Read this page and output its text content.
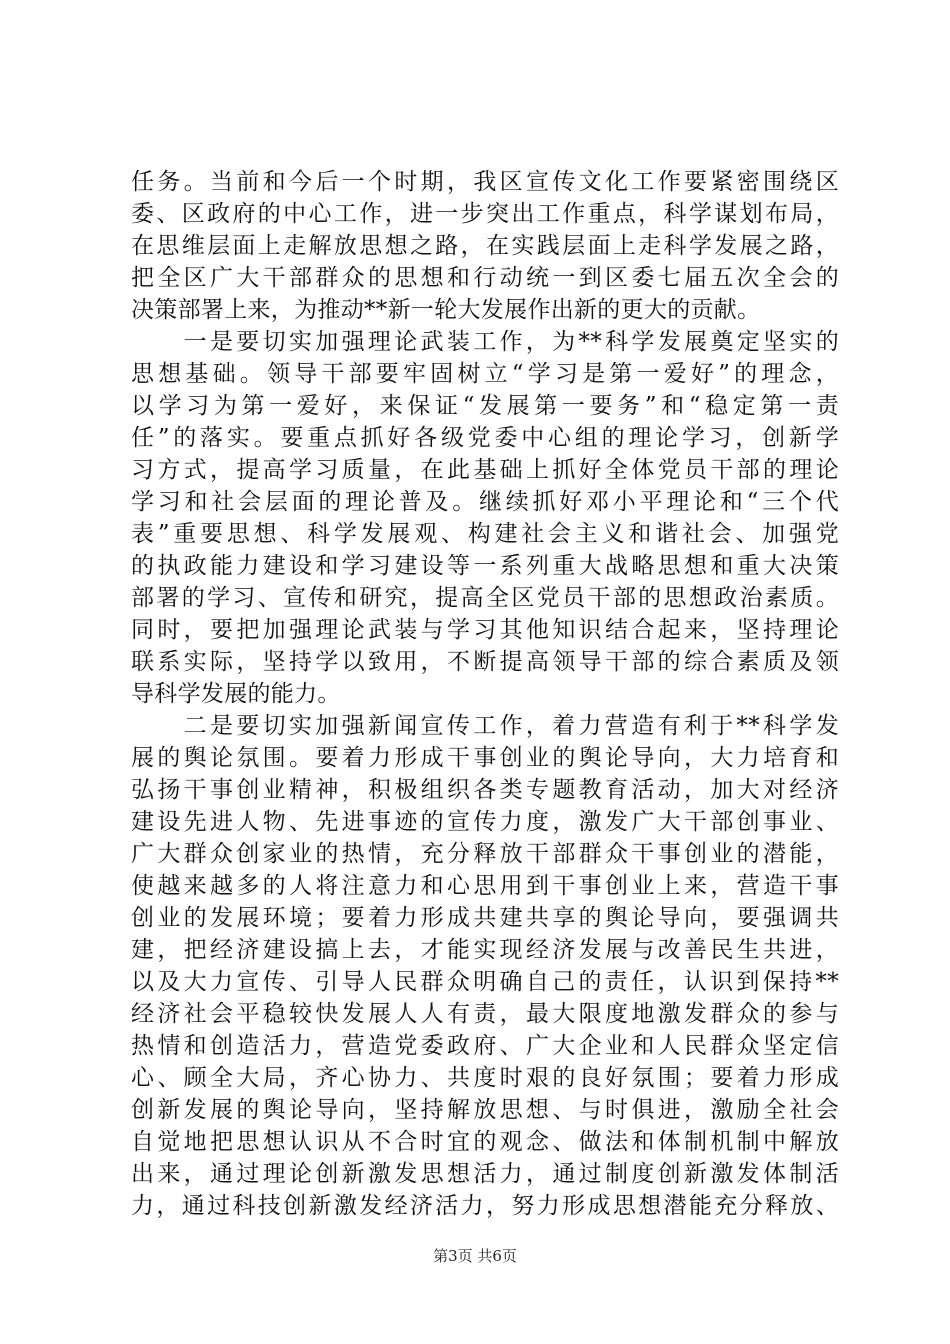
任务。当前和今后一个时期，我区宣传文化工作要紧密围绕区
委、区政府的中心工作，进一步突出工作重点，科学谋划布局，
在思维层面上走解放思想之路，在实践层面上走科学发展之路，
把全区广大干部群众的思想和行动统一到区委七届五次全会的
决策部署上来，为推动**新一轮大发展作出新的更大的贡献。
　　一是要切实加强理论武装工作，为**科学发展奠定坚实的
思想基础。领导干部要牢固树立“学习是第一爱好”的理念，
以学习为第一爱好，来保证“发展第一要务”和“稳定第一责
任”的落实。要重点抓好各级党委中心组的理论学习，创新学
习方式，提高学习质量，在此基础上抓好全体党员干部的理论
学习和社会层面的理论普及。继续抓好邓小平理论和“三个代
表”重要思想、科学发展观、构建社会主义和谐社会、加强党
的执政能力建设和学习建设等一系列重大战略思想和重大决策
部署的学习、宣传和研究，提高全区党员干部的思想政治素质。
同时，要把加强理论武装与学习其他知识结合起来，坚持理论
联系实际，坚持学以致用，不断提高领导干部的综合素质及领
导科学发展的能力。
　　二是要切实加强新闻宣传工作，着力营造有利于**科学发
展的舆论氛围。要着力形成干事创业的舆论导向，大力培育和
弘扬干事创业精神，积极组织各类专题教育活动，加大对经济
建设先进人物、先进事迹的宣传力度，激发广大干部创事业、
广大群众创家业的热情，充分释放干部群众干事创业的潜能，
使越来越多的人将注意力和心思用到干事创业上来，营造干事
创业的发展环境；要着力形成共建共享的舆论导向，要强调共
建，把经济建设搞上去，才能实现经济发展与改善民生共进，
以及大力宣传、引导人民群众明确自己的责任，认识到保持**
经济社会平稳较快发展人人有责，最大限度地激发群众的参与
热情和创造活力，营造党委政府、广大企业和人民群众坚定信
心、顾全大局，齐心协力、共度时艰的良好氛围；要着力形成
创新发展的舆论导向，坚持解放思想、与时俱进，激励全社会
自觉地把思想认识从不合时宜的观念、做法和体制机制中解放
出来，通过理论创新激发思想活力，通过制度创新激发体制活
力，通过科技创新激发经济活力，努力形成思想潜能充分释放、
第3页 共6页
